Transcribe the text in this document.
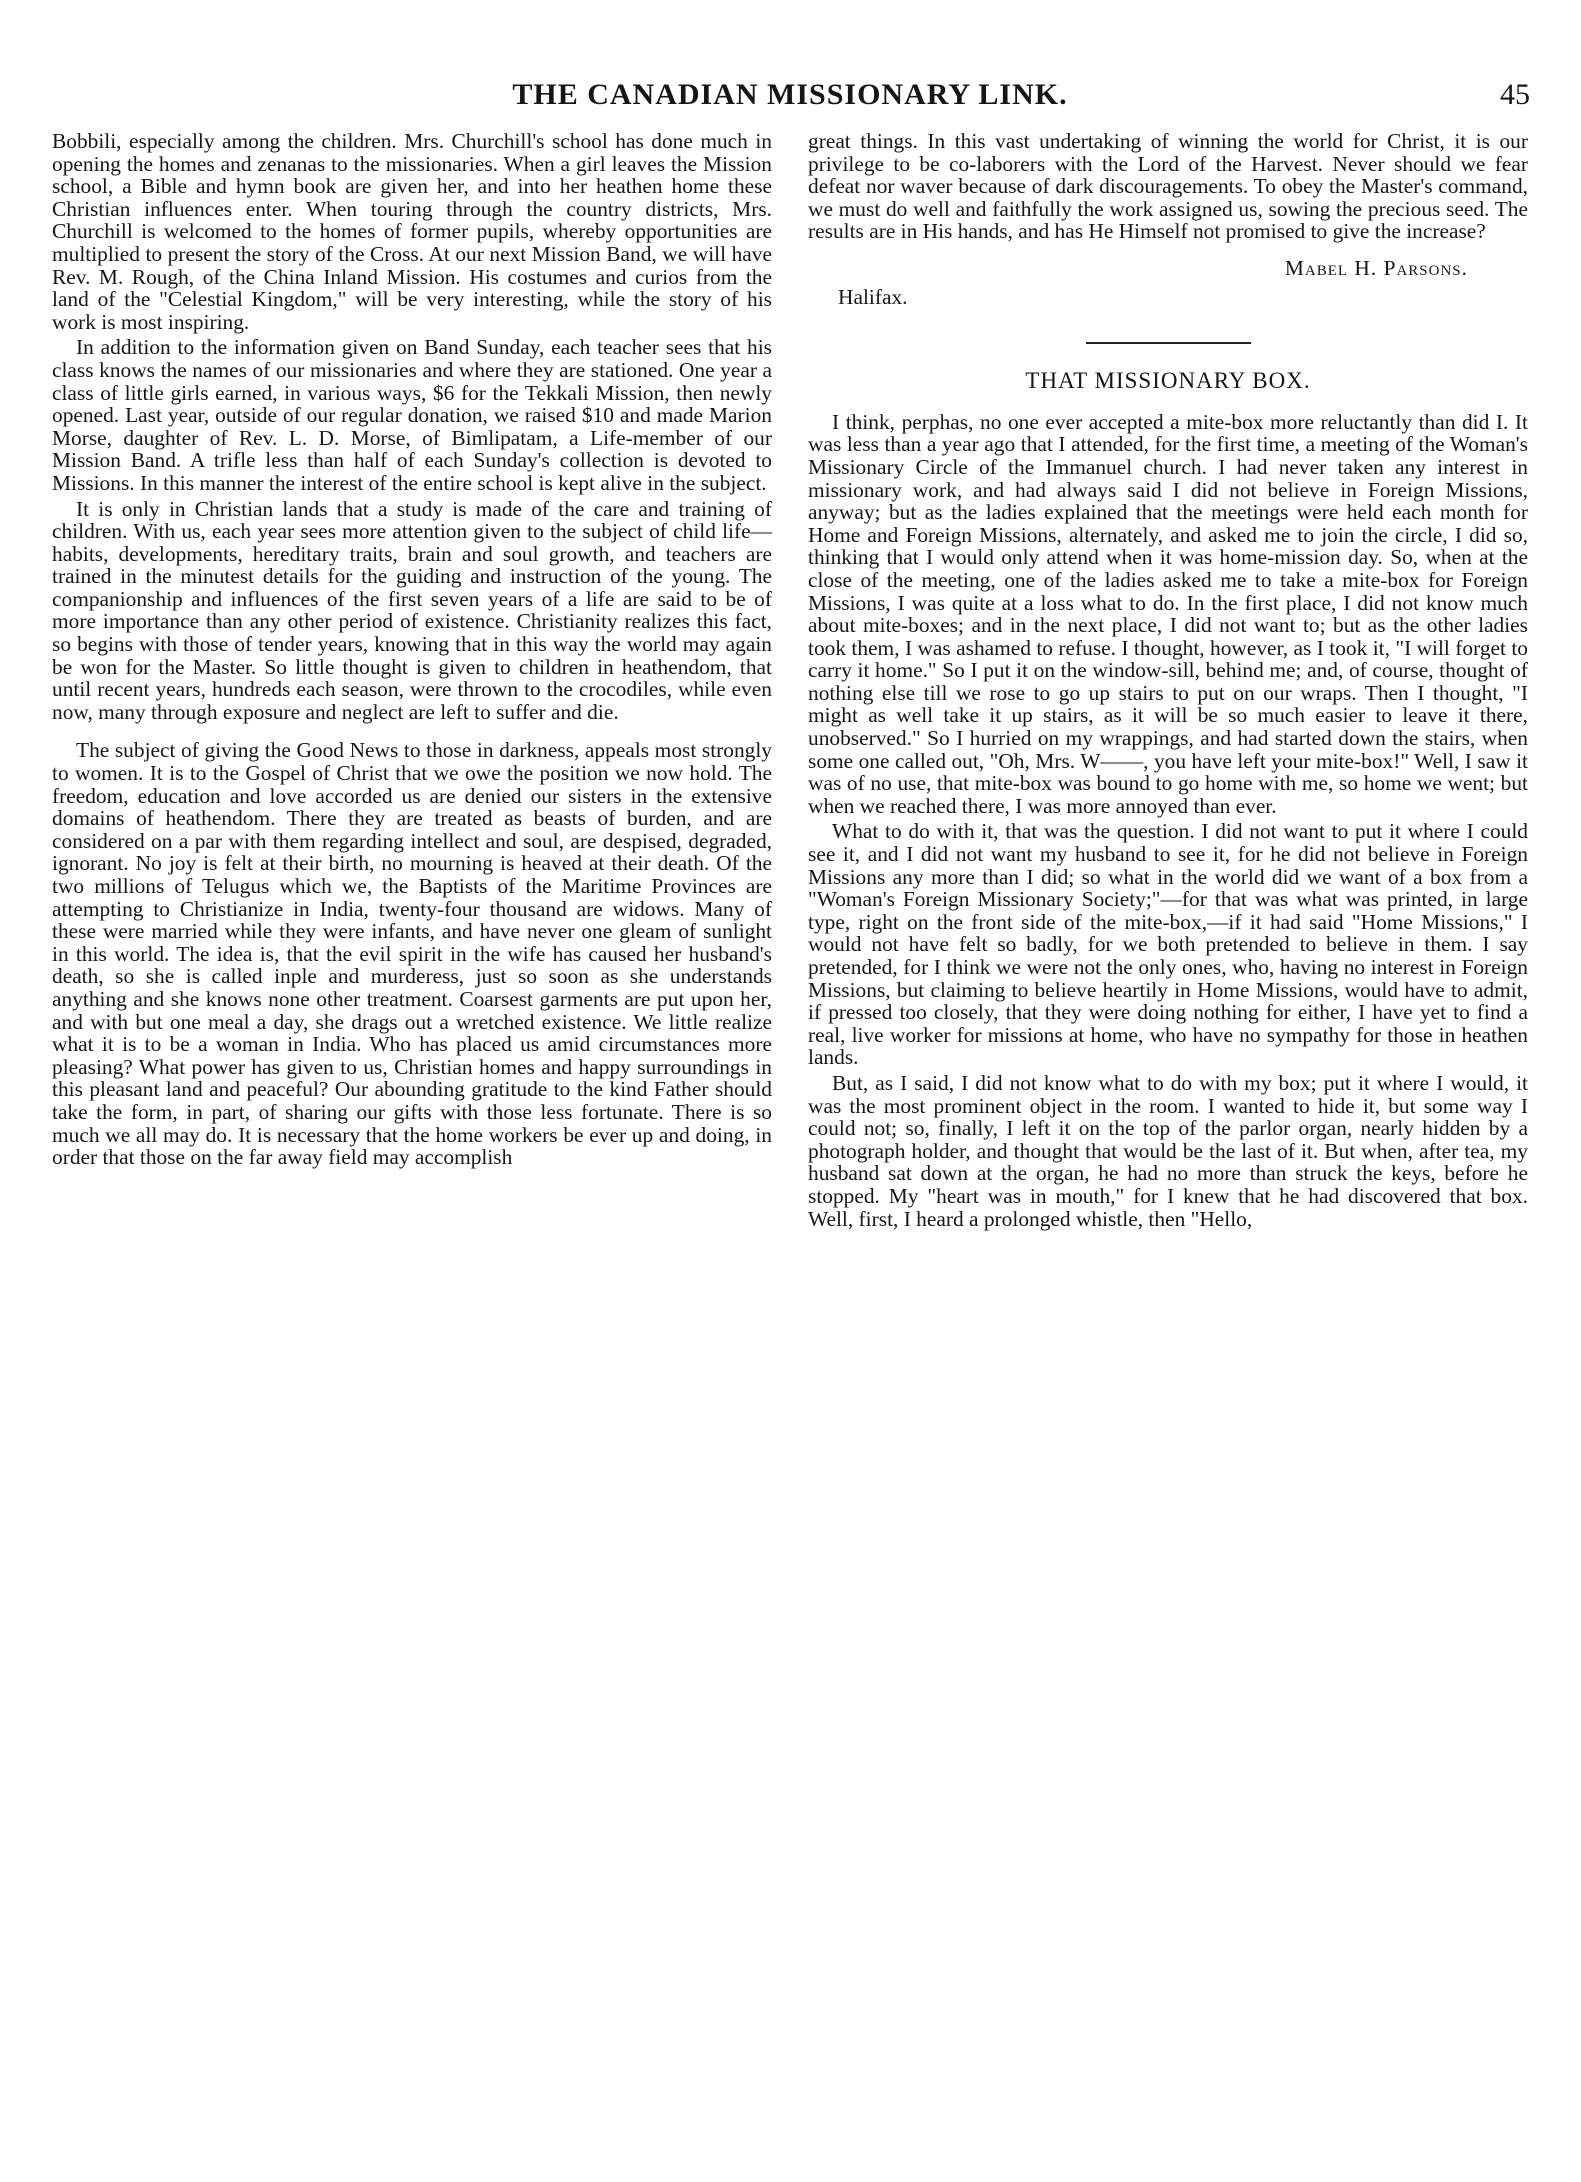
THE CANADIAN MISSIONARY LINK.	45

Bobbili, especially among the children. Mrs. Churchill's school has done much in opening the homes and zenanas to the missionaries. When a girl leaves the Mission school, a Bible and hymn book are given her, and into her heathen home these Christian influences enter. When touring through the country districts, Mrs. Churchill is welcomed to the homes of former pupils, whereby opportunities are multiplied to present the story of the Cross. At our next Mission Band, we will have Rev. M. Rough, of the China Inland Mission. His costumes and curios from the land of the "Celestial Kingdom," will be very interesting, while the story of his work is most inspiring.

In addition to the information given on Band Sunday, each teacher sees that his class knows the names of our missionaries and where they are stationed. One year a class of little girls earned, in various ways, $6 for the Tekkali Mission, then newly opened. Last year, outside of our regular donation, we raised $10 and made Marion Morse, daughter of Rev. L. D. Morse, of Bimlipatam, a Life-member of our Mission Band. A trifle less than half of each Sunday's collection is devoted to Missions. In this manner the interest of the entire school is kept alive in the subject.

It is only in Christian lands that a study is made of the care and training of children. With us, each year sees more attention given to the subject of child life—habits, developments, hereditary traits, brain and soul growth, and teachers are trained in the minutest details for the guiding and instruction of the young. The companionship and influences of the first seven years of a life are said to be of more importance than any other period of existence. Christianity realizes this fact, so begins with those of tender years, knowing that in this way the world may again be won for the Master. So little thought is given to children in heathendom, that until recent years, hundreds each season, were thrown to the crocodiles, while even now, many through exposure and neglect are left to suffer and die.

The subject of giving the Good News to those in darkness, appeals most strongly to women. It is to the Gospel of Christ that we owe the position we now hold. The freedom, education and love accorded us are denied our sisters in the extensive domains of heathendom. There they are treated as beasts of burden, and are considered on a par with them regarding intellect and soul, are despised, degraded, ignorant. No joy is felt at their birth, no mourning is heaved at their death. Of the two millions of Telugus which we, the Baptists of the Maritime Provinces are attempting to Christianize in India, twenty-four thousand are widows. Many of these were married while they were infants, and have never one gleam of sunlight in this world. The idea is, that the evil spirit in the wife has caused her husband's death, so she is called inple and murderess, just so soon as she understands anything and she knows none other treatment. Coarsest garments are put upon her, and with but one meal a day, she drags out a wretched existence. We little realize what it is to be a woman in India. Who has placed us amid circumstances more pleasing? What power has given to us, Christian homes and happy surroundings in this pleasant land and peaceful? Our abounding gratitude to the kind Father should take the form, in part, of sharing our gifts with those less fortunate. There is so much we all may do. It is necessary that the home workers be ever up and doing, in order that those on the far away field may accomplish

great things. In this vast undertaking of winning the world for Christ, it is our privilege to be co-laborers with the Lord of the Harvest. Never should we fear defeat nor waver because of dark discouragements. To obey the Master's command, we must do well and faithfully the work assigned us, sowing the precious seed. The results are in His hands, and has He Himself not promised to give the increase?

Mabel H. Parsons.

Halifax.

THAT MISSIONARY BOX.

I think, perphas, no one ever accepted a mite-box more reluctantly than did I. It was less than a year ago that I attended, for the first time, a meeting of the Woman's Missionary Circle of the Immanuel church. I had never taken any interest in missionary work, and had always said I did not believe in Foreign Missions, anyway; but as the ladies explained that the meetings were held each month for Home and Foreign Missions, alternately, and asked me to join the circle, I did so, thinking that I would only attend when it was home-mission day. So, when at the close of the meeting, one of the ladies asked me to take a mite-box for Foreign Missions, I was quite at a loss what to do. In the first place, I did not know much about mite-boxes; and in the next place, I did not want to; but as the other ladies took them, I was ashamed to refuse. I thought, however, as I took it, "I will forget to carry it home." So I put it on the window-sill, behind me; and, of course, thought of nothing else till we rose to go up stairs to put on our wraps. Then I thought, "I might as well take it up stairs, as it will be so much easier to leave it there, unobserved." So I hurried on my wrappings, and had started down the stairs, when some one called out, "Oh, Mrs. W——, you have left your mite-box!" Well, I saw it was of no use, that mite-box was bound to go home with me, so home we went; but when we reached there, I was more annoyed than ever.

What to do with it, that was the question. I did not want to put it where I could see it, and I did not want my husband to see it, for he did not believe in Foreign Missions any more than I did; so what in the world did we want of a box from a "Woman's Foreign Missionary Society;"—for that was what was printed, in large type, right on the front side of the mite-box,—if it had said "Home Missions," I would not have felt so badly, for we both pretended to believe in them. I say pretended, for I think we were not the only ones, who, having no interest in Foreign Missions, but claiming to believe heartily in Home Missions, would have to admit, if pressed too closely, that they were doing nothing for either, I have yet to find a real, live worker for missions at home, who have no sympathy for those in heathen lands.

But, as I said, I did not know what to do with my box; put it where I would, it was the most prominent object in the room. I wanted to hide it, but some way I could not; so, finally, I left it on the top of the parlor organ, nearly hidden by a photograph holder, and thought that would be the last of it. But when, after tea, my husband sat down at the organ, he had no more than struck the keys, before he stopped. My "heart was in mouth," for I knew that he had discovered that box. Well, first, I heard a prolonged whistle, then "Hello,
